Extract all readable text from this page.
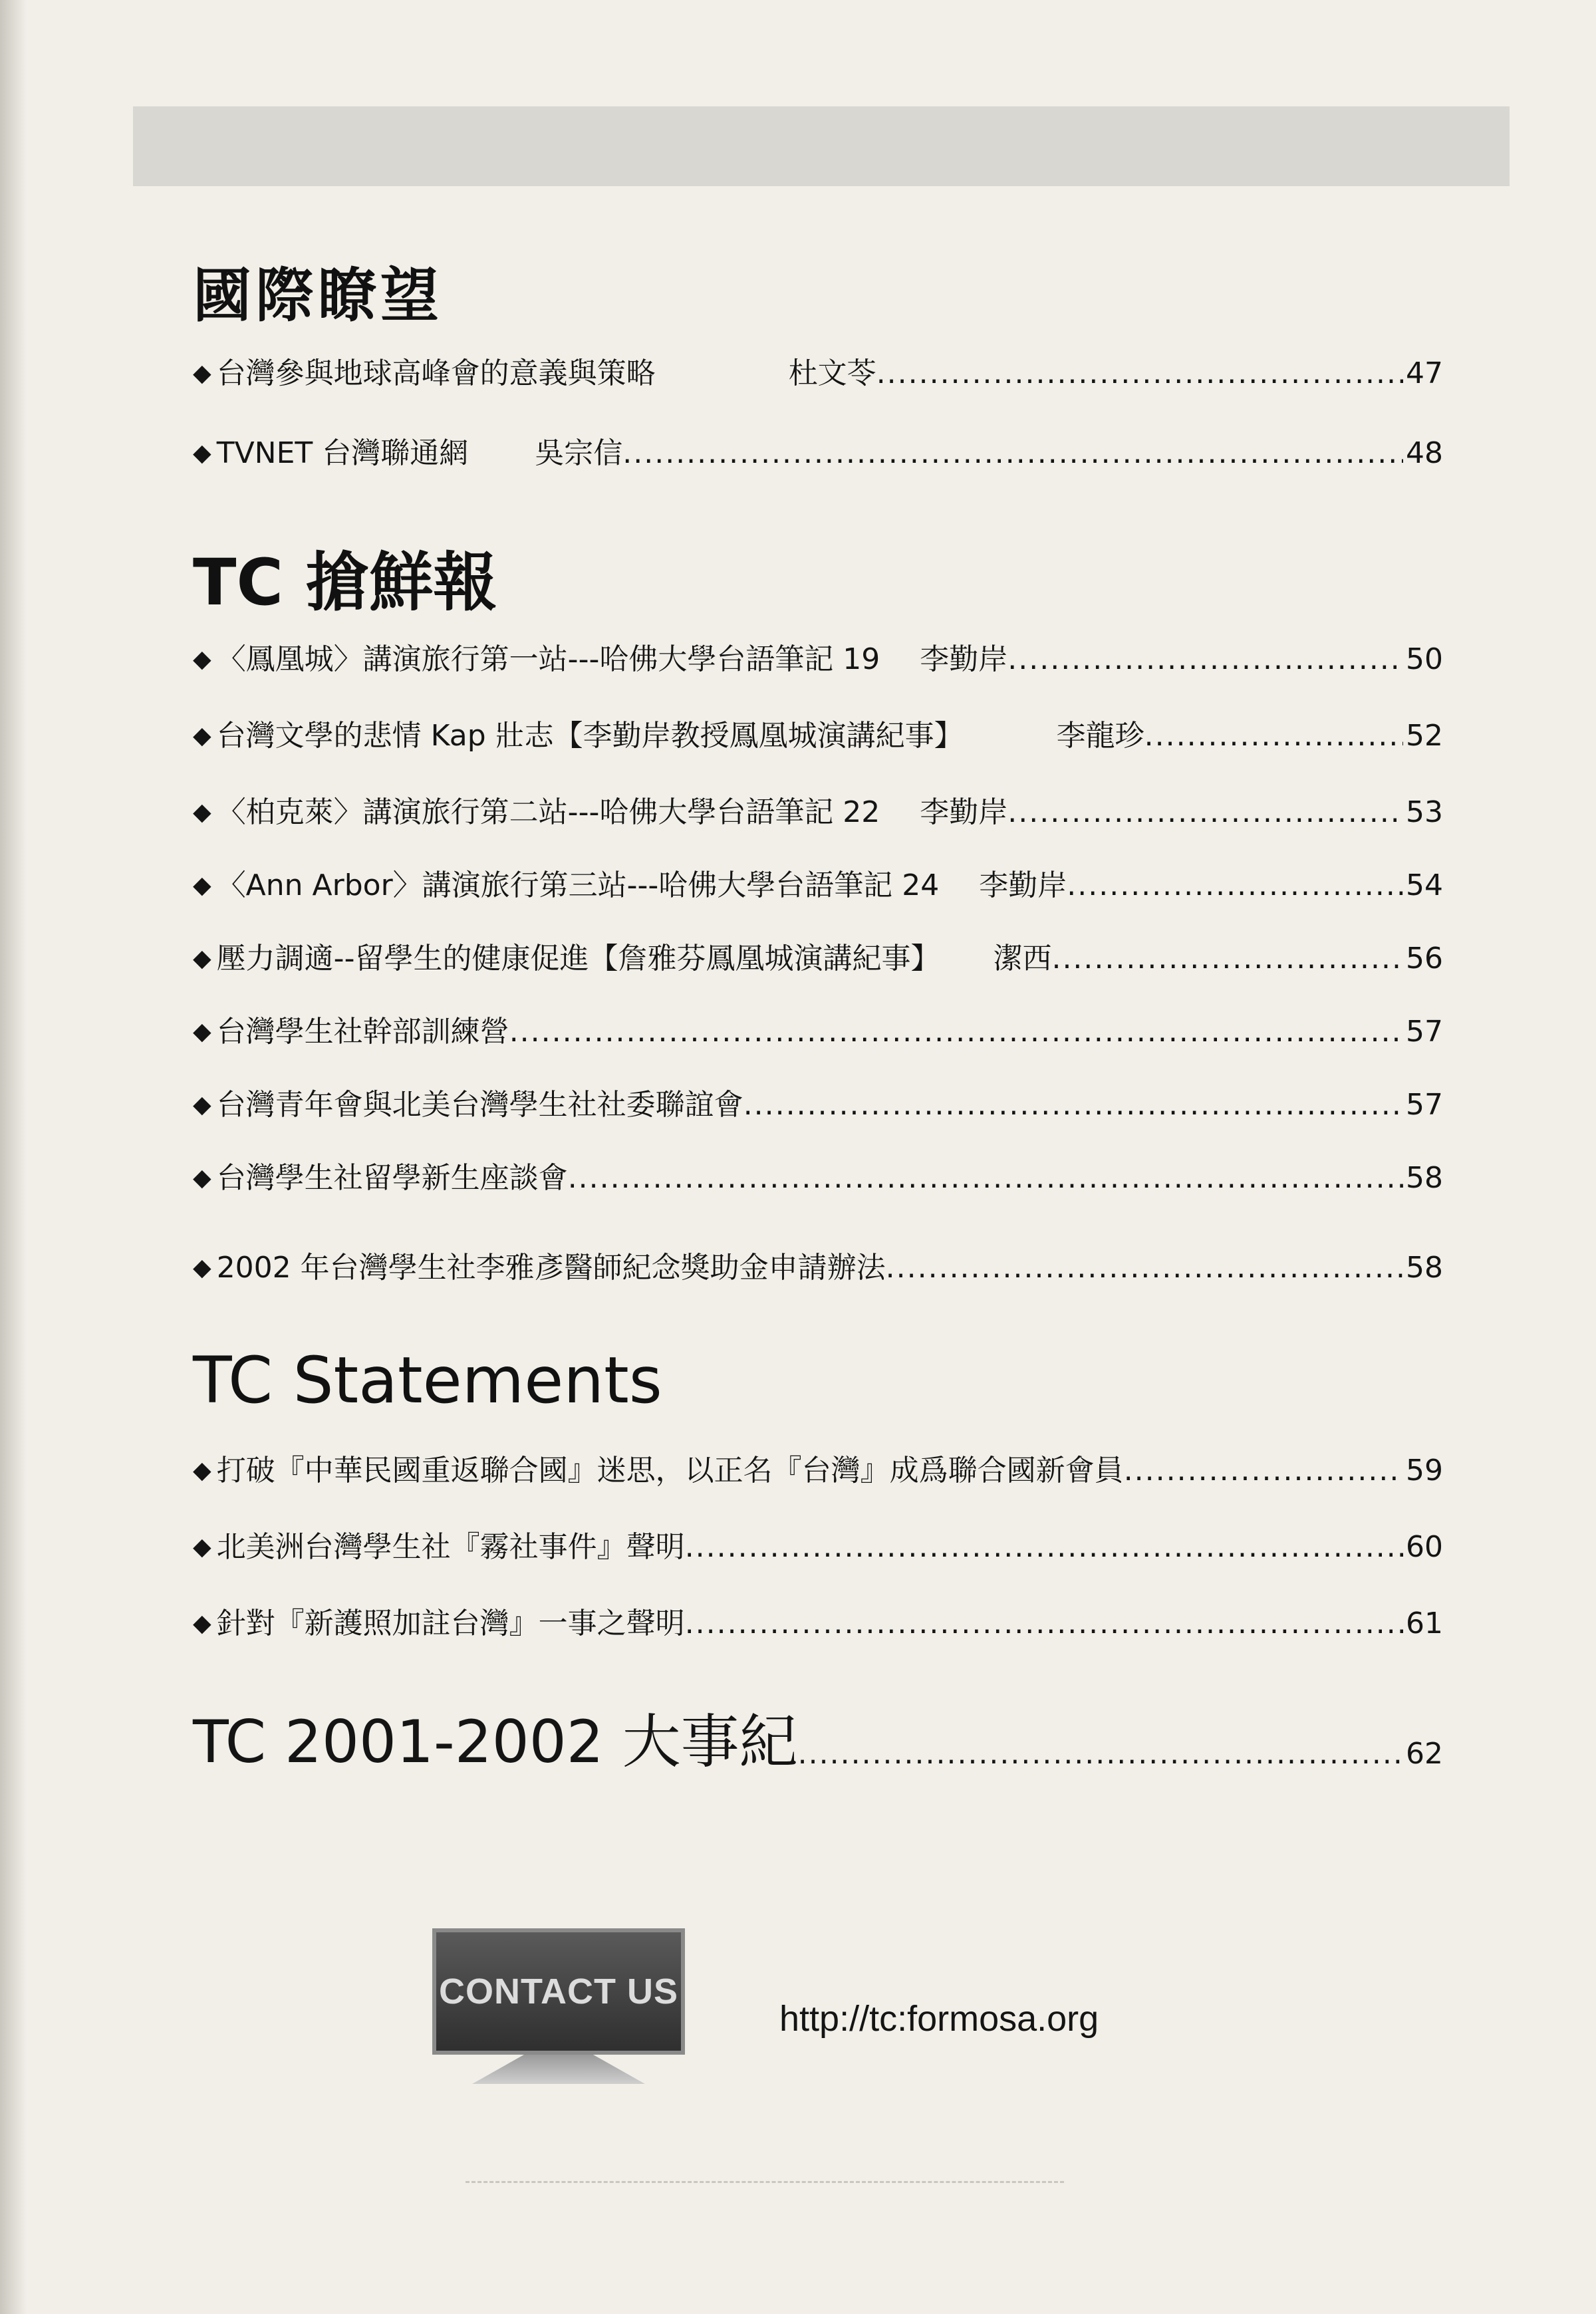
國際瞭望
◆ 台灣參與地球高峰會的意義與策略	杜文苓 .....	47
◆ TVNET 台灣聯通網 吳宗信 .....	48
TC 搶鮮報
◆ 〈鳳凰城〉講演旅行第一站---哈佛大學台語筆記 19 李勤岸 .....	50
◆ 台灣文學的悲情 Kap 壯志【李勤岸教授鳳凰城演講紀事】	李龍珍 .....	52
◆ 〈柏克萊〉講演旅行第二站---哈佛大學台語筆記 22 李勤岸 .....	53
◆ 〈Ann Arbor〉講演旅行第三站---哈佛大學台語筆記 24 李勤岸 .....	54
◆ 壓力調適--留學生的健康促進【詹雅芬鳳凰城演講紀事】 潔西 .....	56
◆ 台灣學生社幹部訓練營 .....	57
◆ 台灣青年會與北美台灣學生社社委聯誼會 .....	57
◆ 台灣學生社留學新生座談會 .....	58
◆ 2002 年台灣學生社李雅彥醫師紀念獎助金申請辦法 .....	58
TC Statements
◆ 打破『中華民國重返聯合國』迷思，以正名『台灣』成爲聯合國新會員 .....	59
◆ 北美洲台灣學生社『霧社事件』聲明 .....	60
◆ 針對『新護照加註台灣』一事之聲明 .....	61
TC 2001-2002 大事紀 .....	62
CONTACT US
http://tc:formosa.org
